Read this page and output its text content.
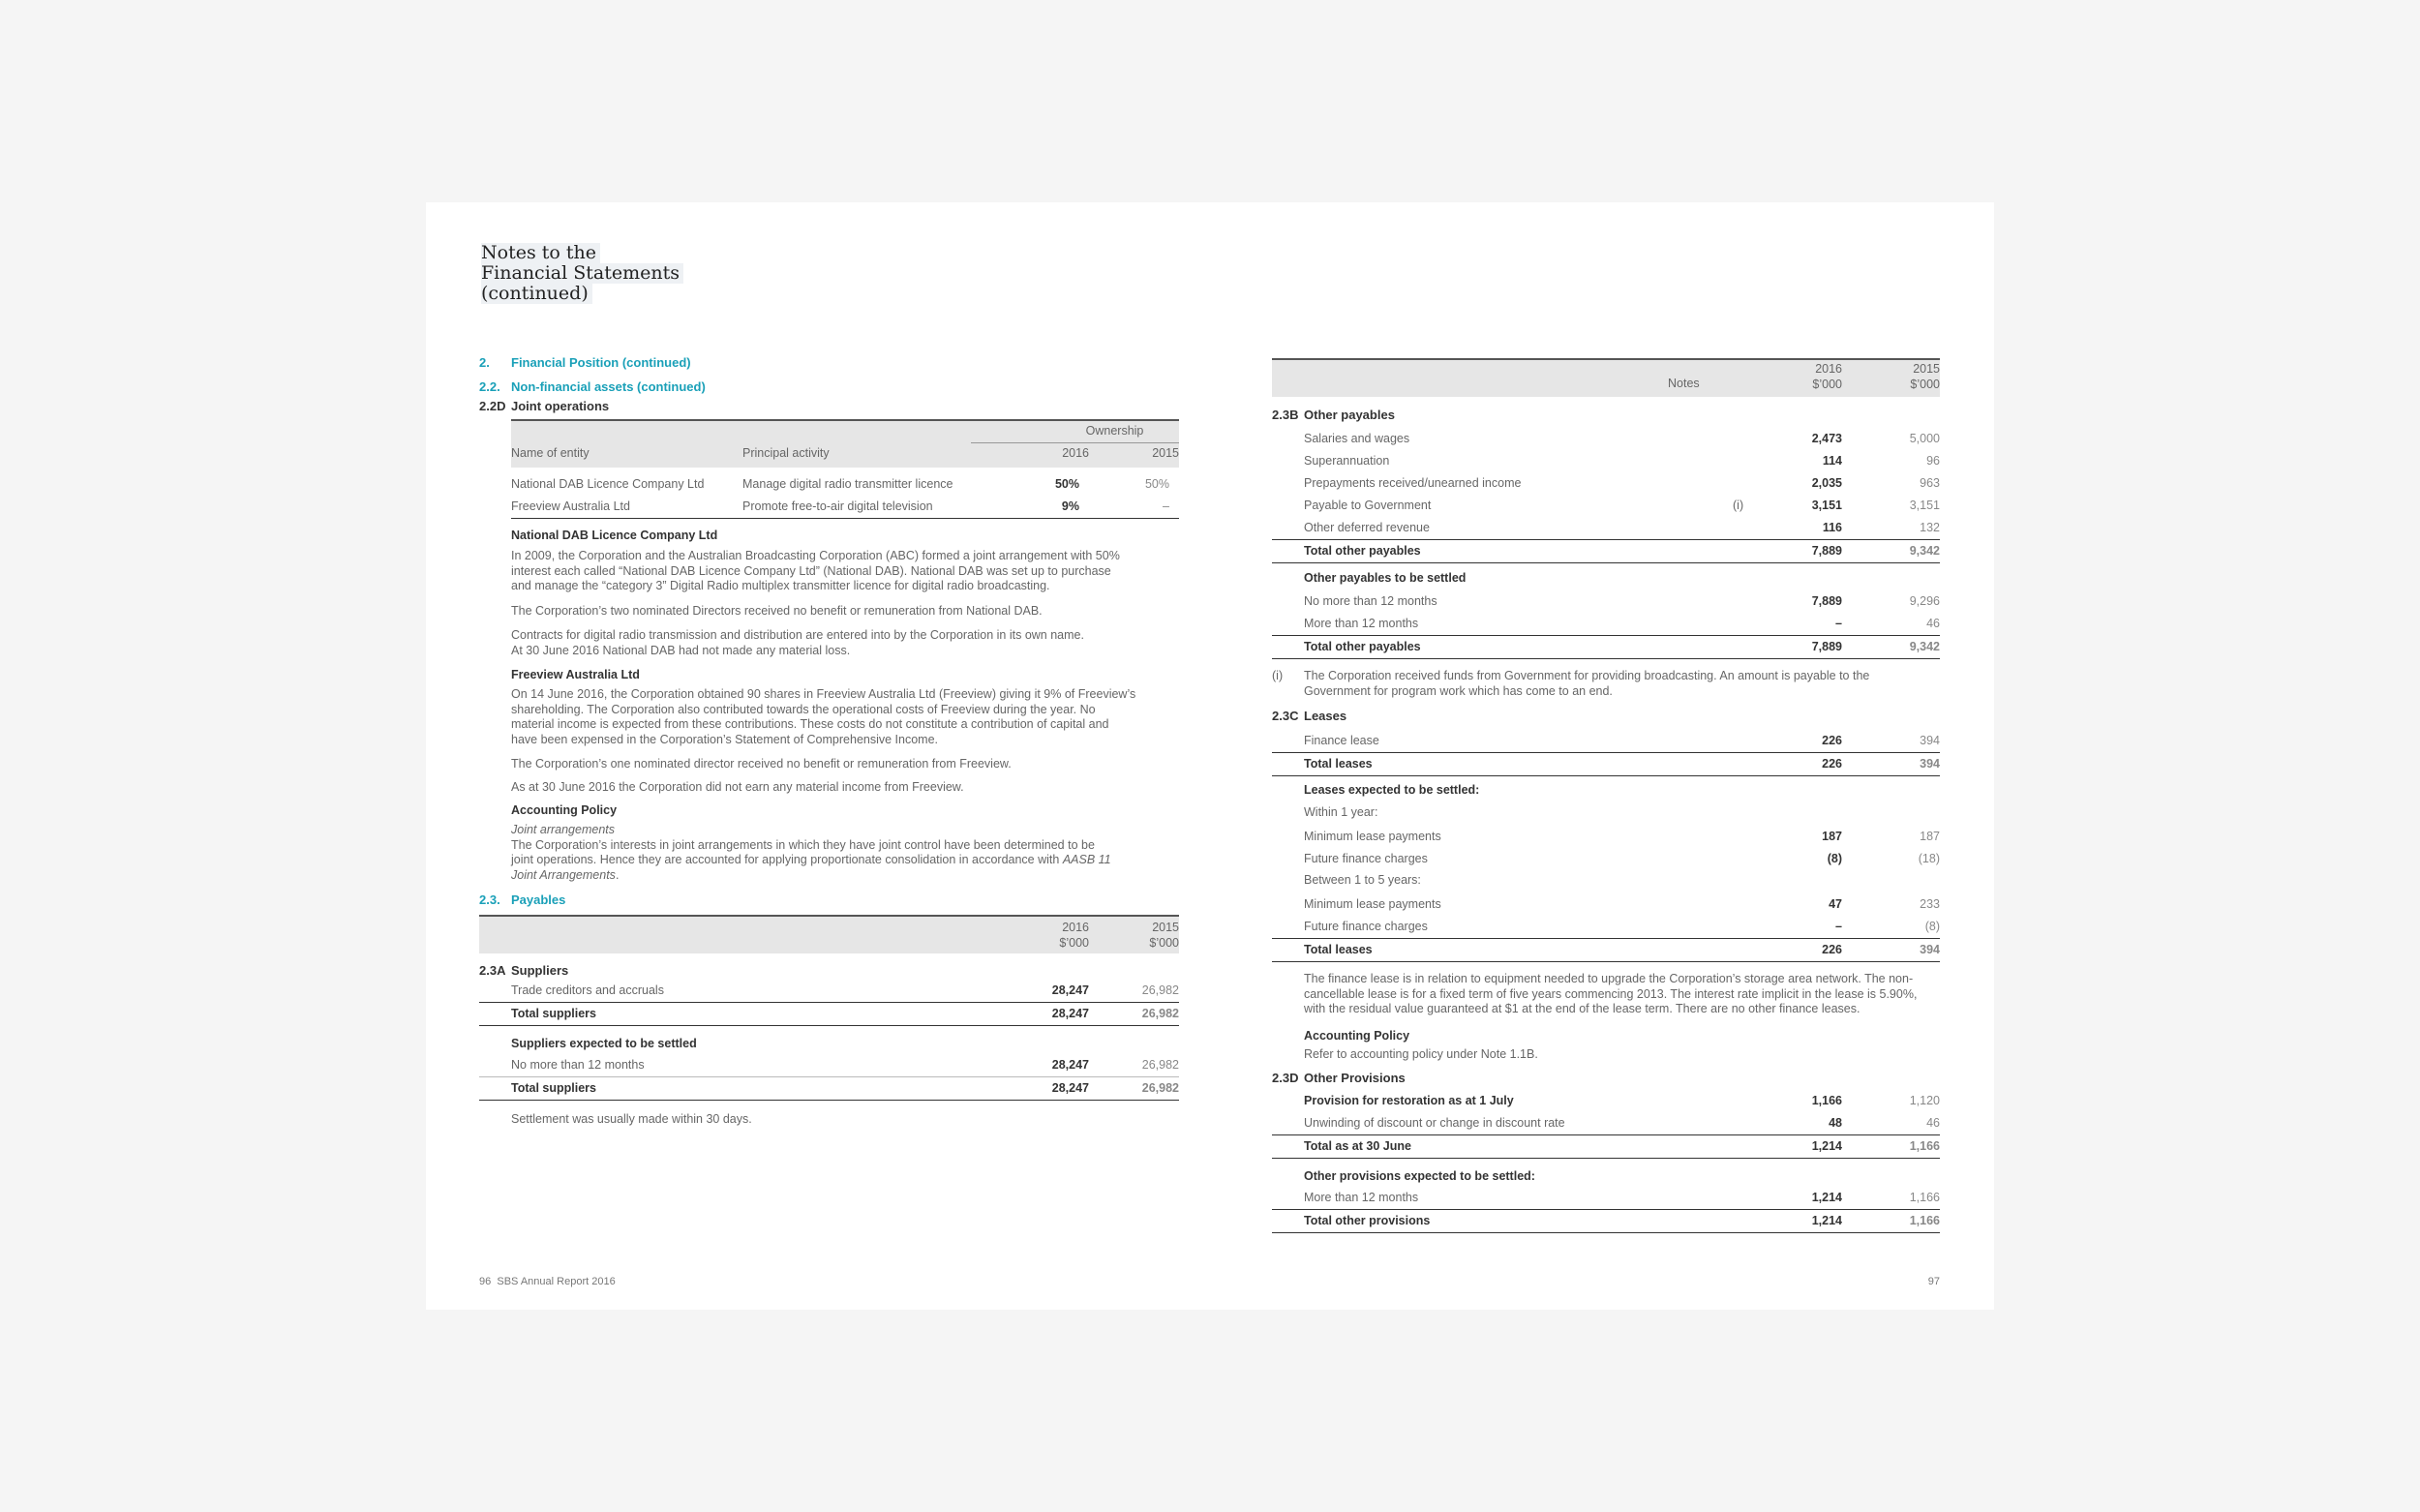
Notes to the
Financial Statements
(continued)
2. Financial Position (continued)
2.2. Non-financial assets (continued)
2.2D Joint operations
Ownership
Name of entity	Principal activity	2016	2015
National DAB Licence Company Ltd	Manage digital radio transmitter licence	50%	50%
Freeview Australia Ltd	Promote free-to-air digital television	9%	–
National DAB Licence Company Ltd
In 2009, the Corporation and the Australian Broadcasting Corporation (ABC) formed a joint arrangement with 50%
interest each called “National DAB Licence Company Ltd” (National DAB). National DAB was set up to purchase
and manage the “category 3” Digital Radio multiplex transmitter licence for digital radio broadcasting.
The Corporation’s two nominated Directors received no benefit or remuneration from National DAB.
Contracts for digital radio transmission and distribution are entered into by the Corporation in its own name.
At 30 June 2016 National DAB had not made any material loss.
Freeview Australia Ltd
On 14 June 2016, the Corporation obtained 90 shares in Freeview Australia Ltd (Freeview) giving it 9% of Freeview’s
shareholding. The Corporation also contributed towards the operational costs of Freeview during the year. No
material income is expected from these contributions. These costs do not constitute a contribution of capital and
have been expensed in the Corporation’s Statement of Comprehensive Income.
The Corporation’s one nominated director received no benefit or remuneration from Freeview.
As at 30 June 2016 the Corporation did not earn any material income from Freeview.
Accounting Policy
Joint arrangements
The Corporation’s interests in joint arrangements in which they have joint control have been determined to be
joint operations. Hence they are accounted for applying proportionate consolidation in accordance with AASB 11
Joint Arrangements.
2.3. Payables
2016
$’000
2015
$’000
2.3A Suppliers
Trade creditors and accruals	28,247	26,982
Total suppliers	28,247	26,982
Suppliers expected to be settled
No more than 12 months	28,247	26,982
Total suppliers	28,247	26,982
Settlement was usually made within 30 days.
Notes
2016
$’000
2015
$’000
2.3B Other payables
Salaries and wages	2,473	5,000
Superannuation	114	96
Prepayments received/unearned income	2,035	963
Payable to Government	(i)	3,151	3,151
Other deferred revenue	116	132
Total other payables	7,889	9,342
Other payables to be settled
No more than 12 months	7,889	9,296
More than 12 months	–	46
Total other payables	7,889	9,342
(i) The Corporation received funds from Government for providing broadcasting. An amount is payable to the
Government for program work which has come to an end.
2.3C Leases
Finance lease	226	394
Total leases	226	394
Leases expected to be settled:
Within 1 year:
Minimum lease payments	187	187
Future finance charges	(8)	(18)
Between 1 to 5 years:
Minimum lease payments	47	233
Future finance charges	–	(8)
Total leases	226	394
The finance lease is in relation to equipment needed to upgrade the Corporation’s storage area network. The non-
cancellable lease is for a fixed term of five years commencing 2013. The interest rate implicit in the lease is 5.90%,
with the residual value guaranteed at $1 at the end of the lease term. There are no other finance leases.
Accounting Policy
Refer to accounting policy under Note 1.1B.
2.3D Other Provisions
Provision for restoration as at 1 July	1,166	1,120
Unwinding of discount or change in discount rate	48	46
Total as at 30 June	1,214	1,166
Other provisions expected to be settled:
More than 12 months	1,214	1,166
Total other provisions	1,214	1,166
96 SBS Annual Report 2016	97
